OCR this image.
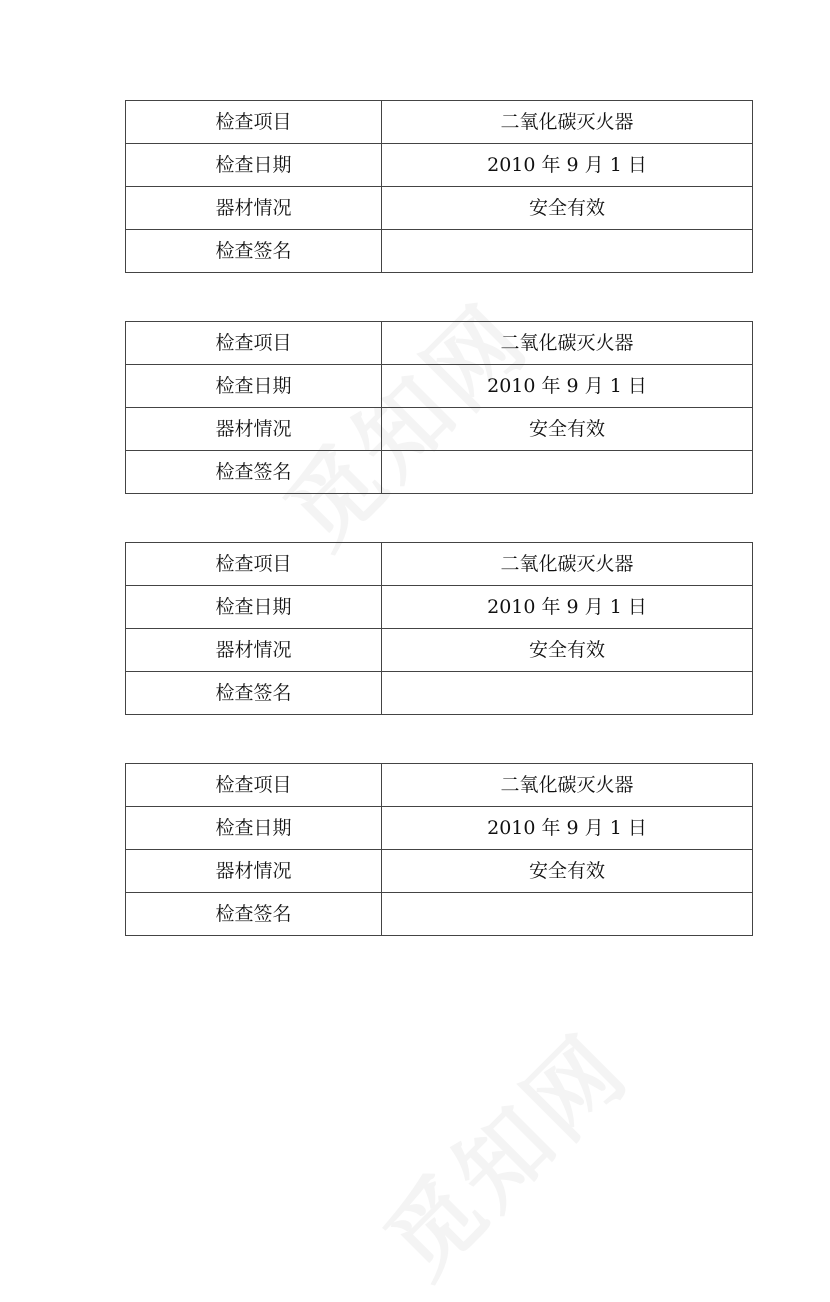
检查项目	二氧化碳灭火器
检查日期	2010 年 9 月 1 日
器材情况	安全有效
检查签名	
检查项目	二氧化碳灭火器
检查日期	2010 年 9 月 1 日
器材情况	安全有效
检查签名	
检查项目	二氧化碳灭火器
检查日期	2010 年 9 月 1 日
器材情况	安全有效
检查签名	
检查项目	二氧化碳灭火器
检查日期	2010 年 9 月 1 日
器材情况	安全有效
检查签名	
